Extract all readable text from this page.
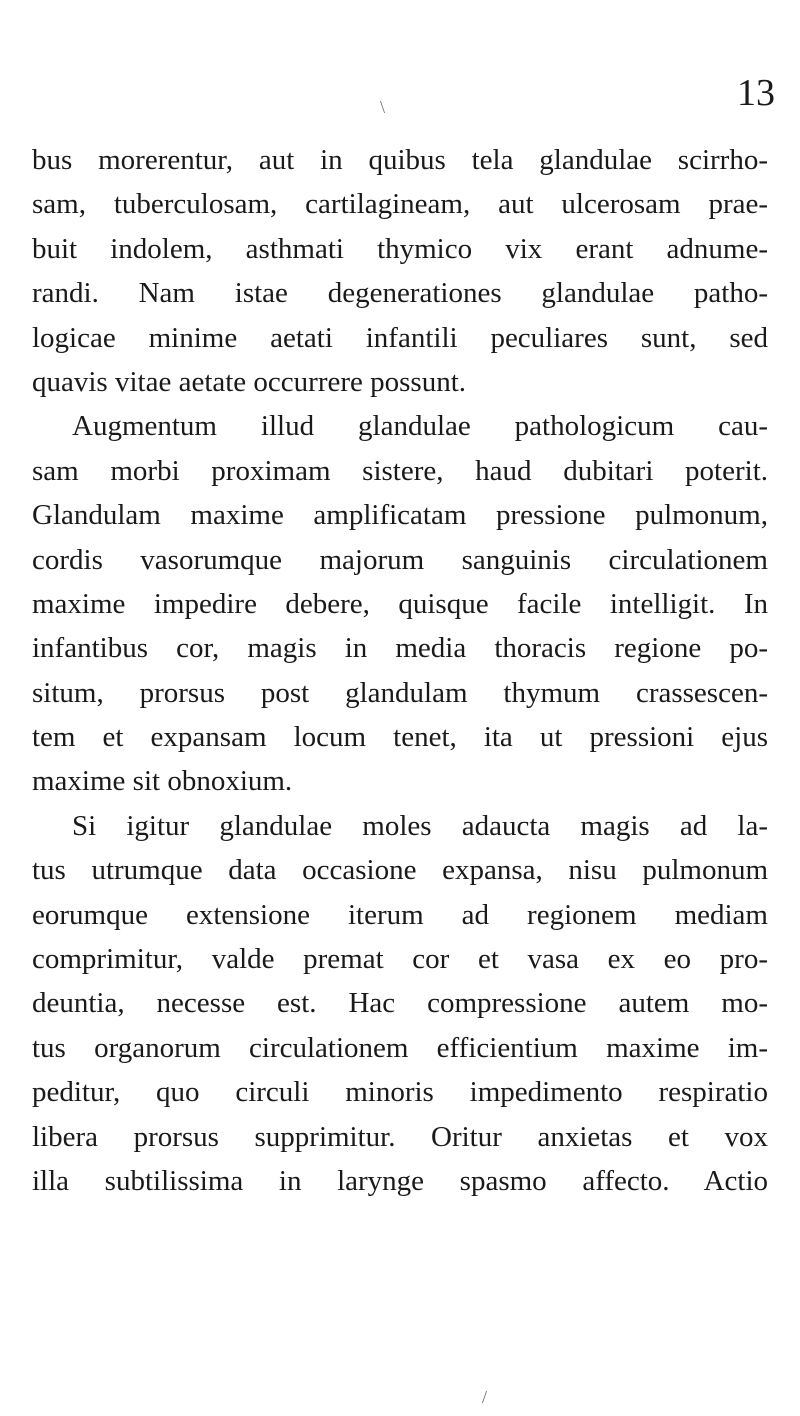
13
\
bus morerentur, aut in quibus tela glandulae scirrho-
sam, tuberculosam, cartilagineam, aut ulcerosam prae-
buit indolem, asthmati thymico vix erant adnume-
randi. Nam istae degenerationes glandulae patho-
logicae minime aetati infantili peculiares sunt, sed
quavis vitae aetate occurrere possunt.
Augmentum illud glandulae pathologicum cau-
sam morbi proximam sistere, haud dubitari poterit.
Glandulam maxime amplificatam pressione pulmonum,
cordis vasorumque majorum sanguinis circulationem
maxime impedire debere, quisque facile intelligit. In
infantibus cor, magis in media thoracis regione po-
situm, prorsus post glandulam thymum crassescen-
tem et expansam locum tenet, ita ut pressioni ejus
maxime sit obnoxium.
Si igitur glandulae moles adaucta magis ad la-
tus utrumque data occasione expansa, nisu pulmonum
eorumque extensione iterum ad regionem mediam
comprimitur, valde premat cor et vasa ex eo pro-
deuntia, necesse est. Hac compressione autem mo-
tus organorum circulationem efficientium maxime im-
peditur, quo circuli minoris impedimento respiratio
libera prorsus supprimitur. Oritur anxietas et vox
illa subtilissima in larynge spasmo affecto. Actio
/
